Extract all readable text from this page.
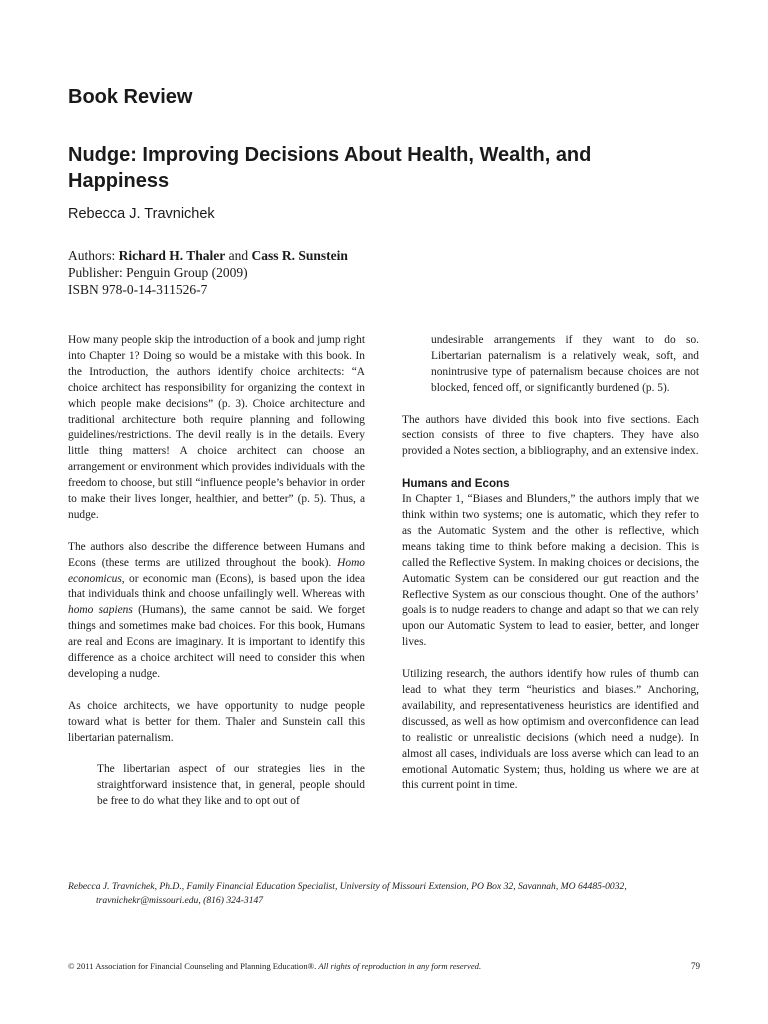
Book Review
Nudge: Improving Decisions About Health, Wealth, and Happiness
Rebecca J. Travnichek
Authors: Richard H. Thaler and Cass R. Sunstein
Publisher: Penguin Group (2009)
ISBN 978-0-14-311526-7

How many people skip the introduction of a book and jump right into Chapter 1? Doing so would be a mistake with this book. In the Introduction, the authors identify choice architects: “A choice architect has responsibility for organizing the context in which people make decisions” (p. 3). Choice architecture and traditional architecture both require planning and following guidelines/restrictions. The devil really is in the details. Every little thing matters! A choice architect can choose an arrangement or environment which provides individuals with the freedom to choose, but still “influence people’s behavior in order to make their lives longer, healthier, and better” (p. 5). Thus, a nudge.

The authors also describe the difference between Humans and Econs (these terms are utilized throughout the book). Homo economicus, or economic man (Econs), is based upon the idea that individuals think and choose unfailingly well. Whereas with homo sapiens (Humans), the same cannot be said. We forget things and sometimes make bad choices. For this book, Humans are real and Econs are imaginary. It is important to identify this difference as a choice architect will need to consider this when developing a nudge.

As choice architects, we have opportunity to nudge people toward what is better for them. Thaler and Sunstein call this libertarian paternalism.

The libertarian aspect of our strategies lies in the straightforward insistence that, in general, people should be free to do what they like and to opt out of

undesirable arrangements if they want to do so. Libertarian paternalism is a relatively weak, soft, and nonintrusive type of paternalism because choices are not blocked, fenced off, or significantly burdened (p. 5).

The authors have divided this book into five sections. Each section consists of three to five chapters. They have also provided a Notes section, a bibliography, and an extensive index.

Humans and Econs

In Chapter 1, “Biases and Blunders,” the authors imply that we think within two systems; one is automatic, which they refer to as the Automatic System and the other is reflective, which means taking time to think before making a decision. This is called the Reflective System. In making choices or decisions, the Automatic System can be considered our gut reaction and the Reflective System as our conscious thought. One of the authors’ goals is to nudge readers to change and adapt so that we can rely upon our Automatic System to lead to easier, better, and longer lives.

Utilizing research, the authors identify how rules of thumb can lead to what they term “heuristics and biases.” Anchoring, availability, and representativeness heuristics are identified and discussed, as well as how optimism and overconfidence can lead to realistic or unrealistic decisions (which need a nudge). In almost all cases, individuals are loss averse which can lead to an emotional Automatic System; thus, holding us where we are at this current point in time.

Rebecca J. Travnichek, Ph.D., Family Financial Education Specialist, University of Missouri Extension, PO Box 32, Savannah, MO 64485-0032,
travnichekr@missouri.edu, (816) 324-3147
© 2011 Association for Financial Counseling and Planning Education®. All rights of reproduction in any form reserved.	79
